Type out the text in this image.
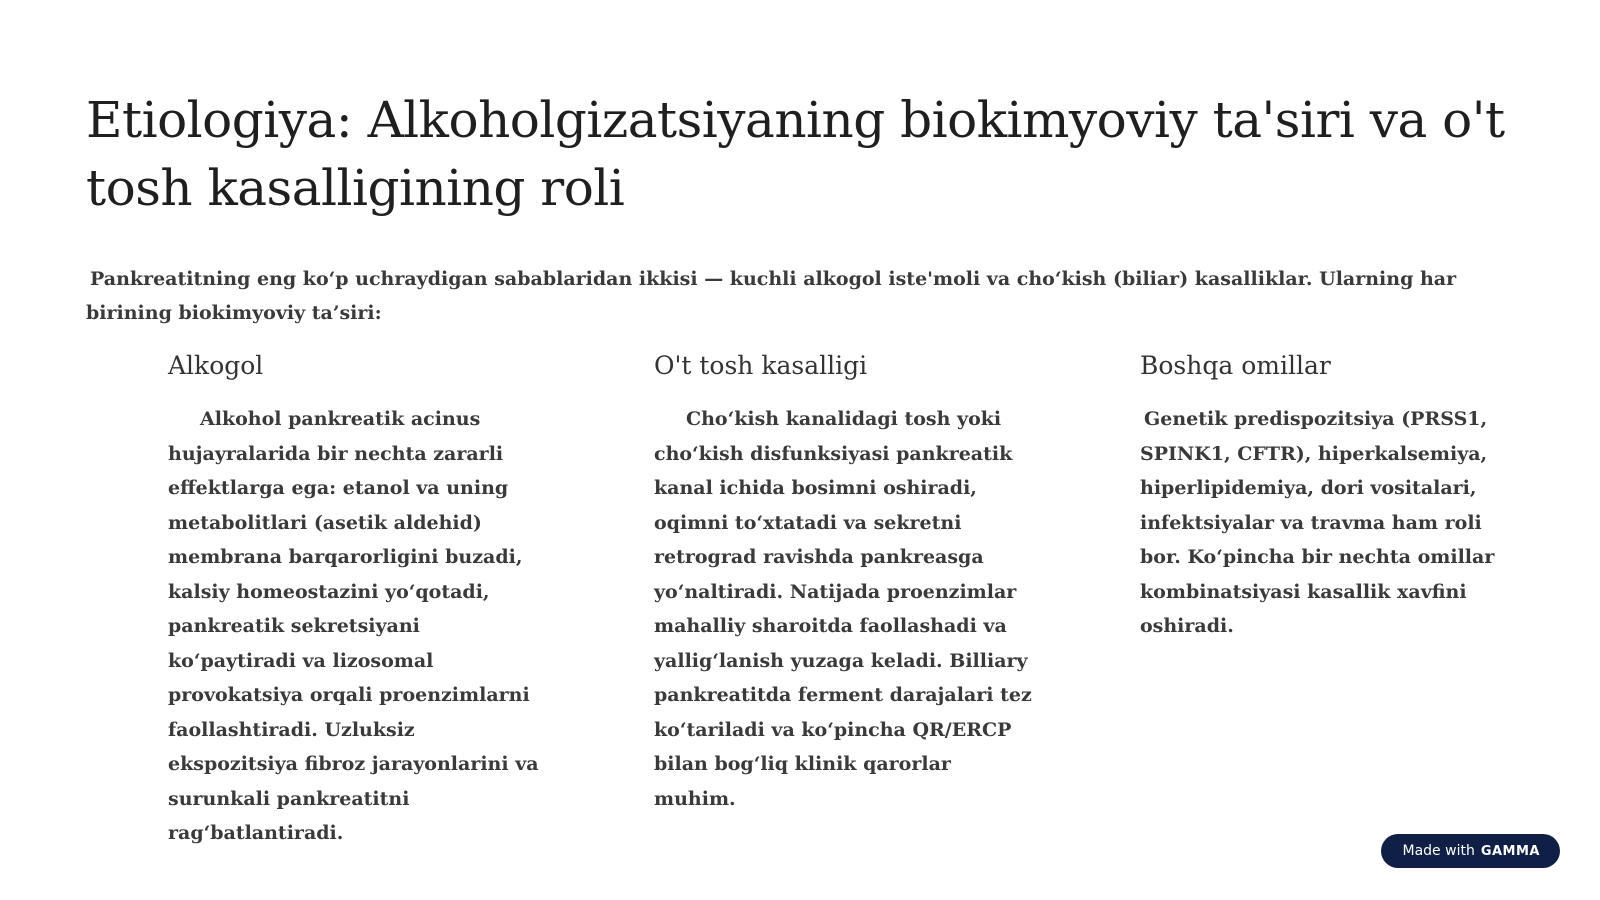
Etiologiya: Alkoholgizatsiyaning biokimyoviy ta'siri va o't tosh kasalligining roli

Pankreatitning eng ko‘p uchraydigan sabablaridan ikkisi — kuchli alkogol iste'moli va cho‘kish (biliar) kasalliklar. Ularning har birining biokimyoviy ta’siri:

Alkogol

Alkohol pankreatik acinus hujayralarida bir nechta zararli effektlarga ega: etanol va uning metabolitlari (asetik aldehid) membrana barqarorligini buzadi, kalsiy homeostazini yo‘qotadi, pankreatik sekretsiyani ko‘paytiradi va lizosomal provokatsiya orqali proenzimlarni faollashtiradi. Uzluksiz ekspozitsiya fibroz jarayonlarini va surunkali pankreatitni rag‘batlantiradi.

O't tosh kasalligi

Cho‘kish kanalidagi tosh yoki cho‘kish disfunksiyasi pankreatik kanal ichida bosimni oshiradi, oqimni to‘xtatadi va sekretni retrograd ravishda pankreasga yo‘naltiradi. Natijada proenzimlar mahalliy sharoitda faollashadi va yallig‘lanish yuzaga keladi. Billiary pankreatitda ferment darajalari tez ko‘tariladi va ko‘pincha QR/ERCP bilan bog‘liq klinik qarorlar muhim.

Boshqa omillar

Genetik predispozitsiya (PRSS1, SPINK1, CFTR), hiperkalsemiya, hiperlipidemiya, dori vositalari, infektsiyalar va travma ham roli bor. Ko‘pincha bir nechta omillar kombinatsiyasi kasallik xavfini oshiradi.

Made with GAMMA
